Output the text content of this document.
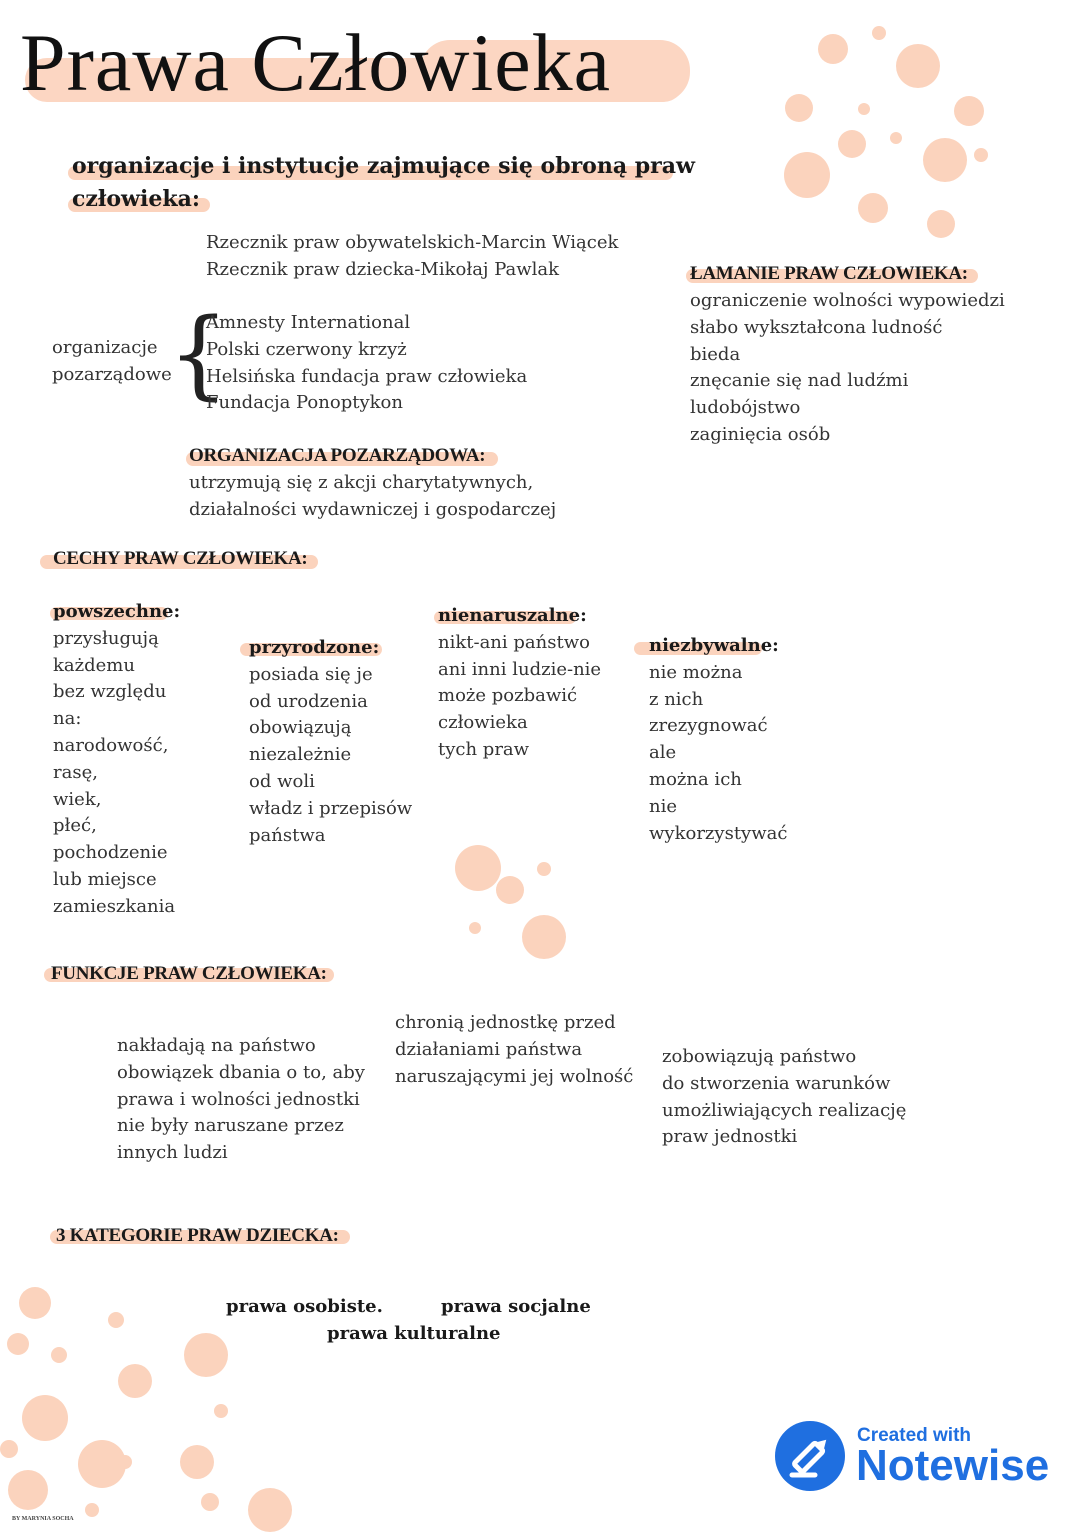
Prawa Człowieka
organizacje i instytucje zajmujące się obroną praw
człowieka:
Rzecznik praw obywatelskich-Marcin Wiącek
Rzecznik praw dziecka-Mikołaj Pawlak
organizacje
pozarządowe
{
Amnesty International
Polski czerwony krzyż
Helsińska fundacja praw człowieka
Fundacja Ponoptykon
ORGANIZACJA POZARZĄDOWA:
utrzymują się z akcji charytatywnych,
działalności wydawniczej i gospodarczej
ŁAMANIE PRAW CZŁOWIEKA:
ograniczenie wolności wypowiedzi
słabo wykształcona ludność
bieda
znęcanie się nad ludźmi
ludobójstwo
zaginięcia osób
CECHY PRAW CZŁOWIEKA:
powszechne:
przysługują
każdemu
bez względu
na:
narodowość,
rasę,
wiek,
płeć,
pochodzenie
lub miejsce
zamieszkania
przyrodzone:
posiada się je
od urodzenia
obowiązują
niezależnie
od woli
władz i przepisów
państwa
nienaruszalne:
nikt-ani państwo
ani inni ludzie-nie
może pozbawić
człowieka
tych praw
niezbywalne:
nie można
z nich
zrezygnować
ale
można ich
nie
wykorzystywać
FUNKCJE PRAW CZŁOWIEKA:
nakładają na państwo
obowiązek dbania o to, aby
prawa i wolności jednostki
nie były naruszane przez
innych ludzi
chronią jednostkę przed
działaniami państwa
naruszającymi jej wolność
zobowiązują państwo
do stworzenia warunków
umożliwiających realizację
praw jednostki
3 KATEGORIE PRAW DZIECKA:
prawa osobiste.	prawa socjalne
prawa kulturalne
Created with
Notewise
BY MARYNIA SOCHA
